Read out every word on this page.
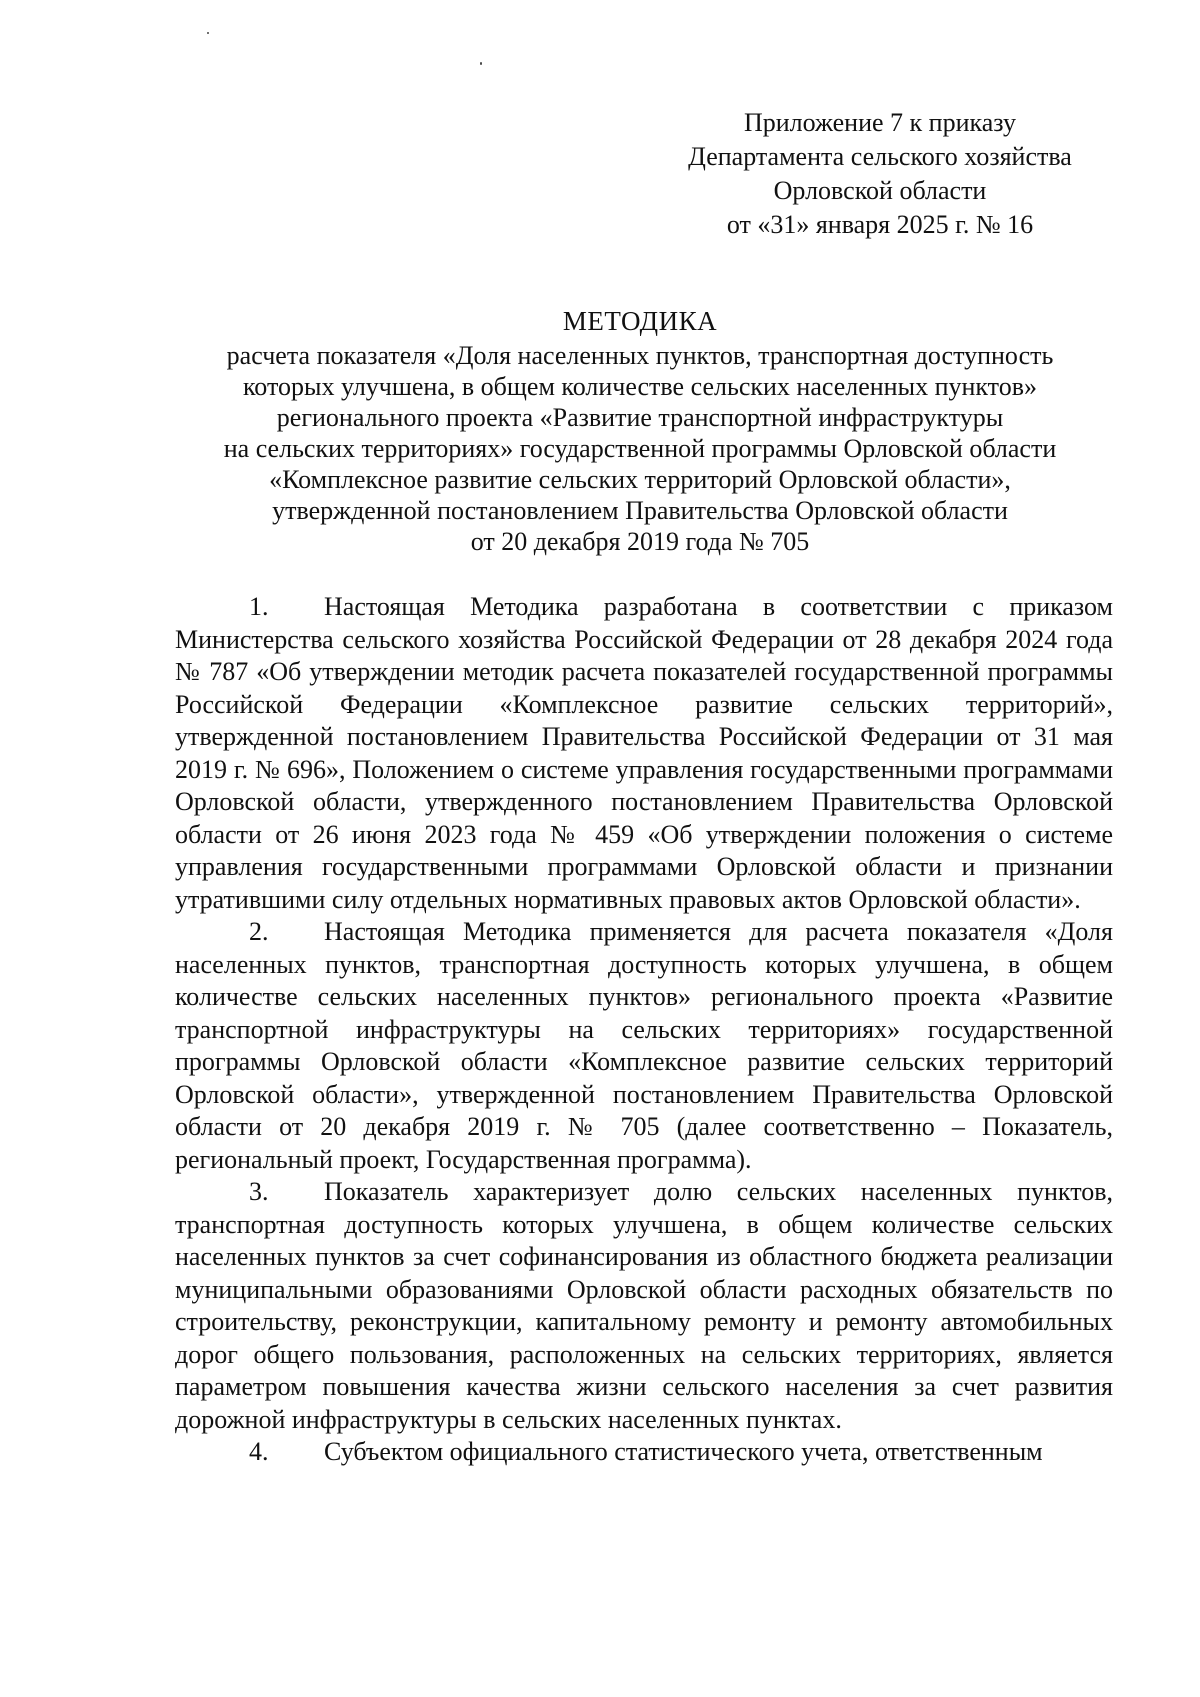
Приложение 7 к приказу
Департамента сельского хозяйства
Орловской области
от «31» января 2025 г. № 16
МЕТОДИКА
расчета показателя «Доля населенных пунктов, транспортная доступность
которых улучшена, в общем количестве сельских населенных пунктов»
регионального проекта «Развитие транспортной инфраструктуры
на сельских территориях» государственной программы Орловской области
«Комплексное развитие сельских территорий Орловской области»,
утвержденной постановлением Правительства Орловской области
от 20 декабря 2019 года № 705

1. Настоящая Методика разработана в соответствии с приказом Министерства сельского хозяйства Российской Федерации от 28 декабря 2024 года № 787 «Об утверждении методик расчета показателей государственной программы Российской Федерации «Комплексное развитие сельских территорий», утвержденной постановлением Правительства Российской Федерации от 31 мая 2019 г. № 696», Положением о системе управления государственными программами Орловской области, утвержденного постановлением Правительства Орловской области от 26 июня 2023 года № 459 «Об утверждении положения о системе управления государственными программами Орловской области и признании утратившими силу отдельных нормативных правовых актов Орловской области».

2. Настоящая Методика применяется для расчета показателя «Доля населенных пунктов, транспортная доступность которых улучшена, в общем количестве сельских населенных пунктов» регионального проекта «Развитие транспортной инфраструктуры на сельских территориях» государственной программы Орловской области «Комплексное развитие сельских территорий Орловской области», утвержденной постановлением Правительства Орловской области от 20 декабря 2019 г. № 705 (далее соответственно – Показатель, региональный проект, Государственная программа).

3. Показатель характеризует долю сельских населенных пунктов, транспортная доступность которых улучшена, в общем количестве сельских населенных пунктов за счет софинансирования из областного бюджета реализации муниципальными образованиями Орловской области расходных обязательств по строительству, реконструкции, капитальному ремонту и ремонту автомобильных дорог общего пользования, расположенных на сельских территориях, является параметром повышения качества жизни сельского населения за счет развития дорожной инфраструктуры в сельских населенных пунктах.

4. Субъектом официального статистического учета, ответственным
